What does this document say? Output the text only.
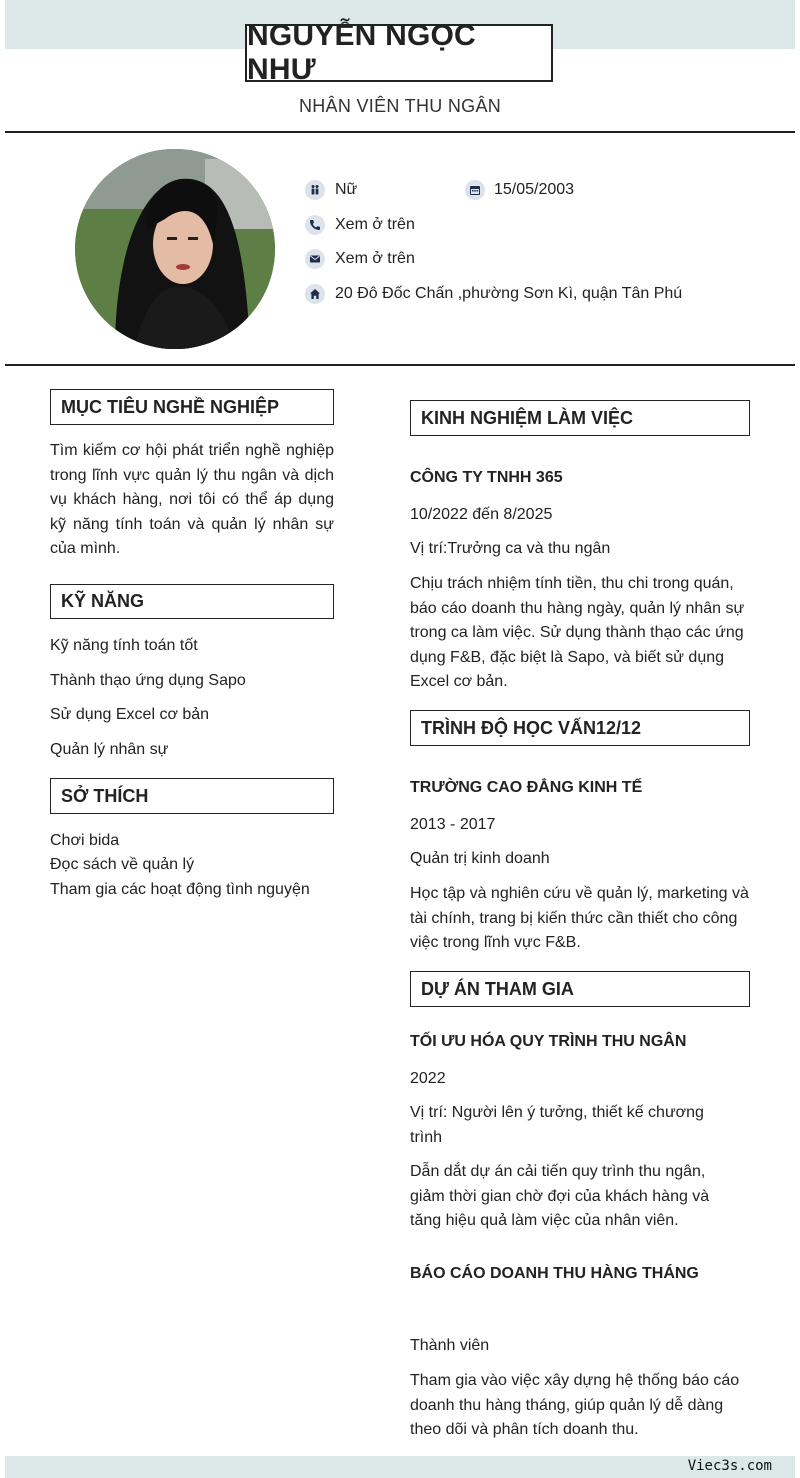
NGUYỄN NGỌC NHƯ
NHÂN VIÊN THU NGÂN
Nữ	15/05/2003
Xem ở trên
Xem ở trên
20 Đô Đốc Chấn ,phường Sơn Kì, quận Tân Phú
MỤC TIÊU NGHỀ NGHIỆP
Tìm kiếm cơ hội phát triển nghề nghiệp trong lĩnh vực quản lý thu ngân và dịch vụ khách hàng, nơi tôi có thể áp dụng kỹ năng tính toán và quản lý nhân sự của mình.
KỸ NĂNG
Kỹ năng tính toán tốt
Thành thạo ứng dụng Sapo
Sử dụng Excel cơ bản
Quản lý nhân sự
SỞ THÍCH
Chơi bida
Đọc sách về quản lý
Tham gia các hoạt động tình nguyện
KINH NGHIỆM LÀM VIỆC
CÔNG TY TNHH 365
10/2022 đến 8/2025
Vị trí:Trưởng ca và thu ngân
Chịu trách nhiệm tính tiền, thu chi trong quán, báo cáo doanh thu hàng ngày, quản lý nhân sự trong ca làm việc. Sử dụng thành thạo các ứng dụng F&B, đặc biệt là Sapo, và biết sử dụng Excel cơ bản.
TRÌNH ĐỘ HỌC VẤN12/12
TRƯỜNG CAO ĐẲNG KINH TẾ
2013 - 2017
Quản trị kinh doanh
Học tập và nghiên cứu về quản lý, marketing và tài chính, trang bị kiến thức cần thiết cho công việc trong lĩnh vực F&B.
DỰ ÁN THAM GIA
TỐI ƯU HÓA QUY TRÌNH THU NGÂN
2022
Vị trí: Người lên ý tưởng, thiết kế chương trình
Dẫn dắt dự án cải tiến quy trình thu ngân, giảm thời gian chờ đợi của khách hàng và tăng hiệu quả làm việc của nhân viên.
BÁO CÁO DOANH THU HÀNG THÁNG
Thành viên
Tham gia vào việc xây dựng hệ thống báo cáo doanh thu hàng tháng, giúp quản lý dễ dàng theo dõi và phân tích doanh thu.
Viec3s.com
